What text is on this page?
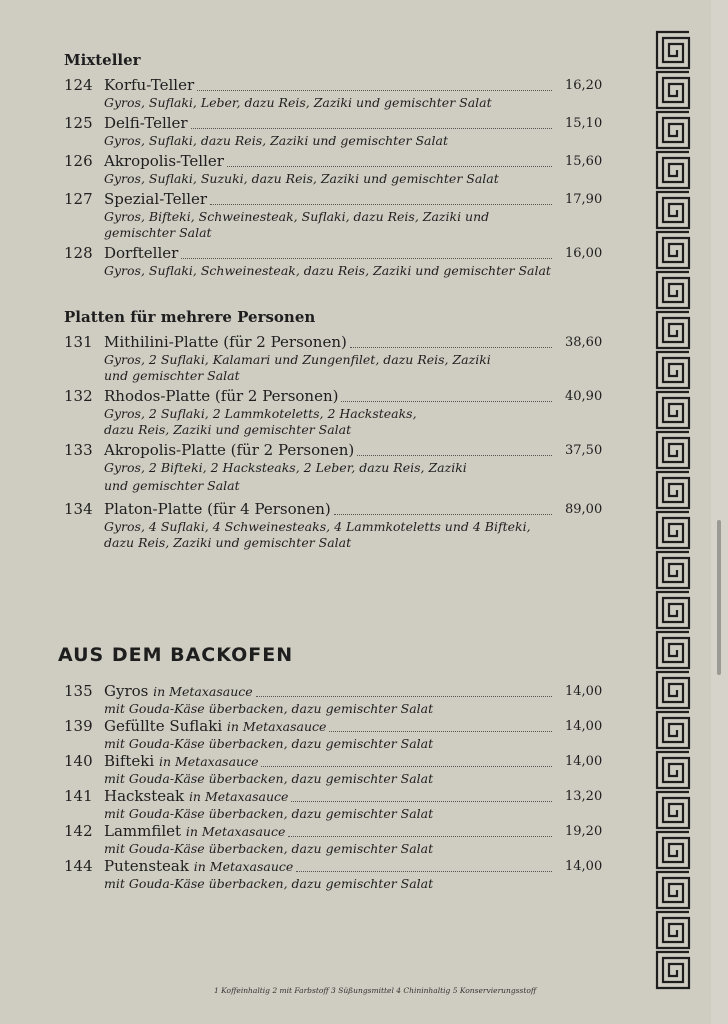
Mixteller
124 Korfu-Teller	16,20
Gyros, Suflaki, Leber, dazu Reis, Zaziki und gemischter Salat
125 Delfi-Teller	15,10
Gyros, Suflaki, dazu Reis, Zaziki und gemischter Salat
126 Akropolis-Teller	15,60
Gyros, Suflaki, Suzuki, dazu Reis, Zaziki und gemischter Salat
127 Spezial-Teller	17,90
Gyros, Bifteki, Schweinesteak, Suflaki, dazu Reis, Zaziki und gemischter Salat
128 Dorfteller	16,00
Gyros, Suflaki, Schweinesteak, dazu Reis, Zaziki und gemischter Salat
Platten für mehrere Personen
131 Mithilini-Platte (für 2 Personen)	38,60
Gyros, 2 Suflaki, Kalamari und Zungenfilet, dazu Reis, Zaziki
und gemischter Salat
132 Rhodos-Platte (für 2 Personen)	40,90
Gyros, 2 Suflaki, 2 Lammkoteletts, 2 Hacksteaks,
dazu Reis, Zaziki und gemischter Salat
133 Akropolis-Platte (für 2 Personen)	37,50
Gyros, 2 Bifteki, 2 Hacksteaks, 2 Leber, dazu Reis, Zaziki
und gemischter Salat
134 Platon-Platte (für 4 Personen)	89,00
Gyros, 4 Suflaki, 4 Schweinesteaks, 4 Lammkoteletts und 4 Bifteki,
dazu Reis, Zaziki und gemischter Salat
AUS DEM BACKOFEN
135 Gyros in Metaxasauce	14,00
mit Gouda-Käse überbacken, dazu gemischter Salat
139 Gefüllte Suflaki in Metaxasauce	14,00
mit Gouda-Käse überbacken, dazu gemischter Salat
140 Bifteki in Metaxasauce	14,00
mit Gouda-Käse überbacken, dazu gemischter Salat
141 Hacksteak in Metaxasauce	13,20
mit Gouda-Käse überbacken, dazu gemischter Salat
142 Lammfilet in Metaxasauce	19,20
mit Gouda-Käse überbacken, dazu gemischter Salat
144 Putensteak in Metaxasauce	14,00
mit Gouda-Käse überbacken, dazu gemischter Salat
1 Koffeinhaltig 2 mit Farbstoff 3 Süßungsmittel 4 Chininhaltig 5 Konservierungsstoff
